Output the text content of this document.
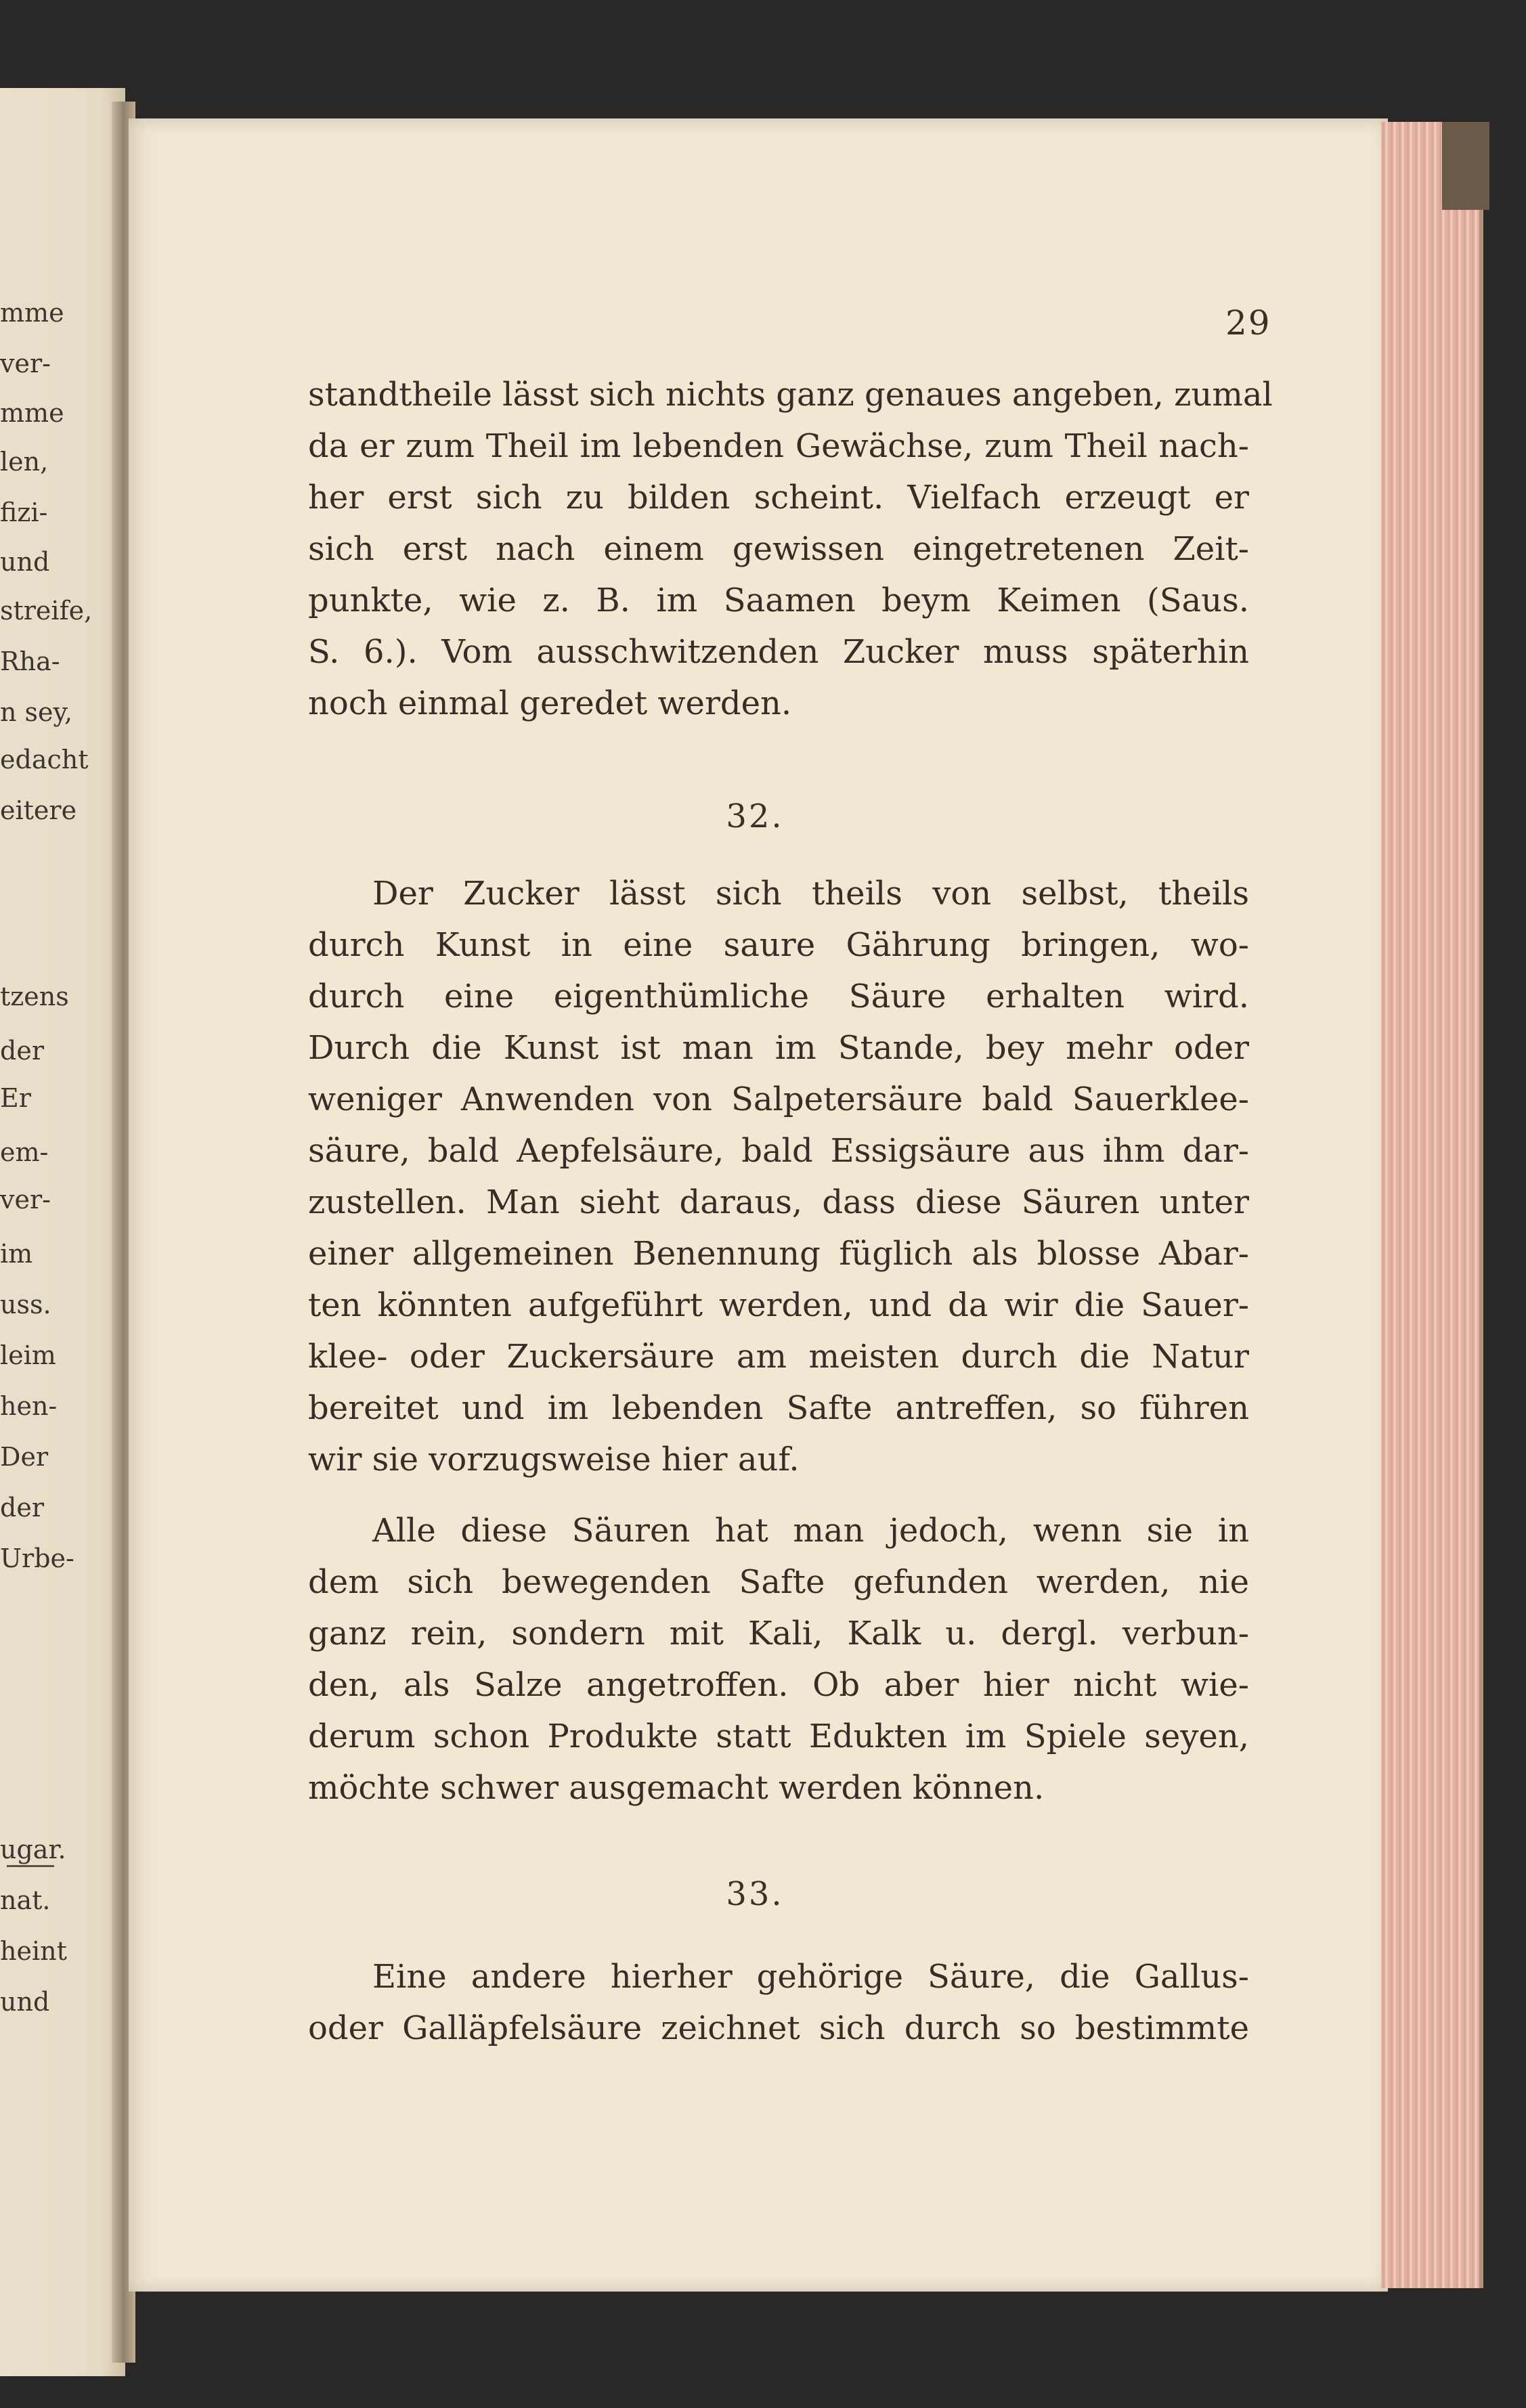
mme
ver-
mme
len,
fizi-
und
streife,
Rha-
n sey,
edacht
eitere
tzens
der
Er
em-
ver-
im
uss.
leim
hen-
Der
der
Urbe-
ugar.
nat.
heint
und
29

standtheile lässt sich nichts ganz genaues angeben, zumal
da er zum Theil im lebenden Gewächse, zum Theil nach-
her erst sich zu bilden scheint. Vielfach erzeugt er
sich erst nach einem gewissen eingetretenen Zeit-
punkte, wie z. B. im Saamen beym Keimen (Saus.
S. 6.). Vom ausschwitzenden Zucker muss späterhin
noch einmal geredet werden.

32.

Der Zucker lässt sich theils von selbst, theils
durch Kunst in eine saure Gährung bringen, wo-
durch eine eigenthümliche Säure erhalten wird.
Durch die Kunst ist man im Stande, bey mehr oder
weniger Anwenden von Salpetersäure bald Sauerklee-
säure, bald Aepfelsäure, bald Essigsäure aus ihm dar-
zustellen. Man sieht daraus, dass diese Säuren unter
einer allgemeinen Benennung füglich als blosse Abar-
ten könnten aufgeführt werden, und da wir die Sauer-
klee- oder Zuckersäure am meisten durch die Natur
bereitet und im lebenden Safte antreffen, so führen
wir sie vorzugsweise hier auf.

Alle diese Säuren hat man jedoch, wenn sie in
dem sich bewegenden Safte gefunden werden, nie
ganz rein, sondern mit Kali, Kalk u. dergl. verbun-
den, als Salze angetroffen. Ob aber hier nicht wie-
derum schon Produkte statt Edukten im Spiele seyen,
möchte schwer ausgemacht werden können.

33.

Eine andere hierher gehörige Säure, die Gallus-
oder Galläpfelsäure zeichnet sich durch so bestimmte
